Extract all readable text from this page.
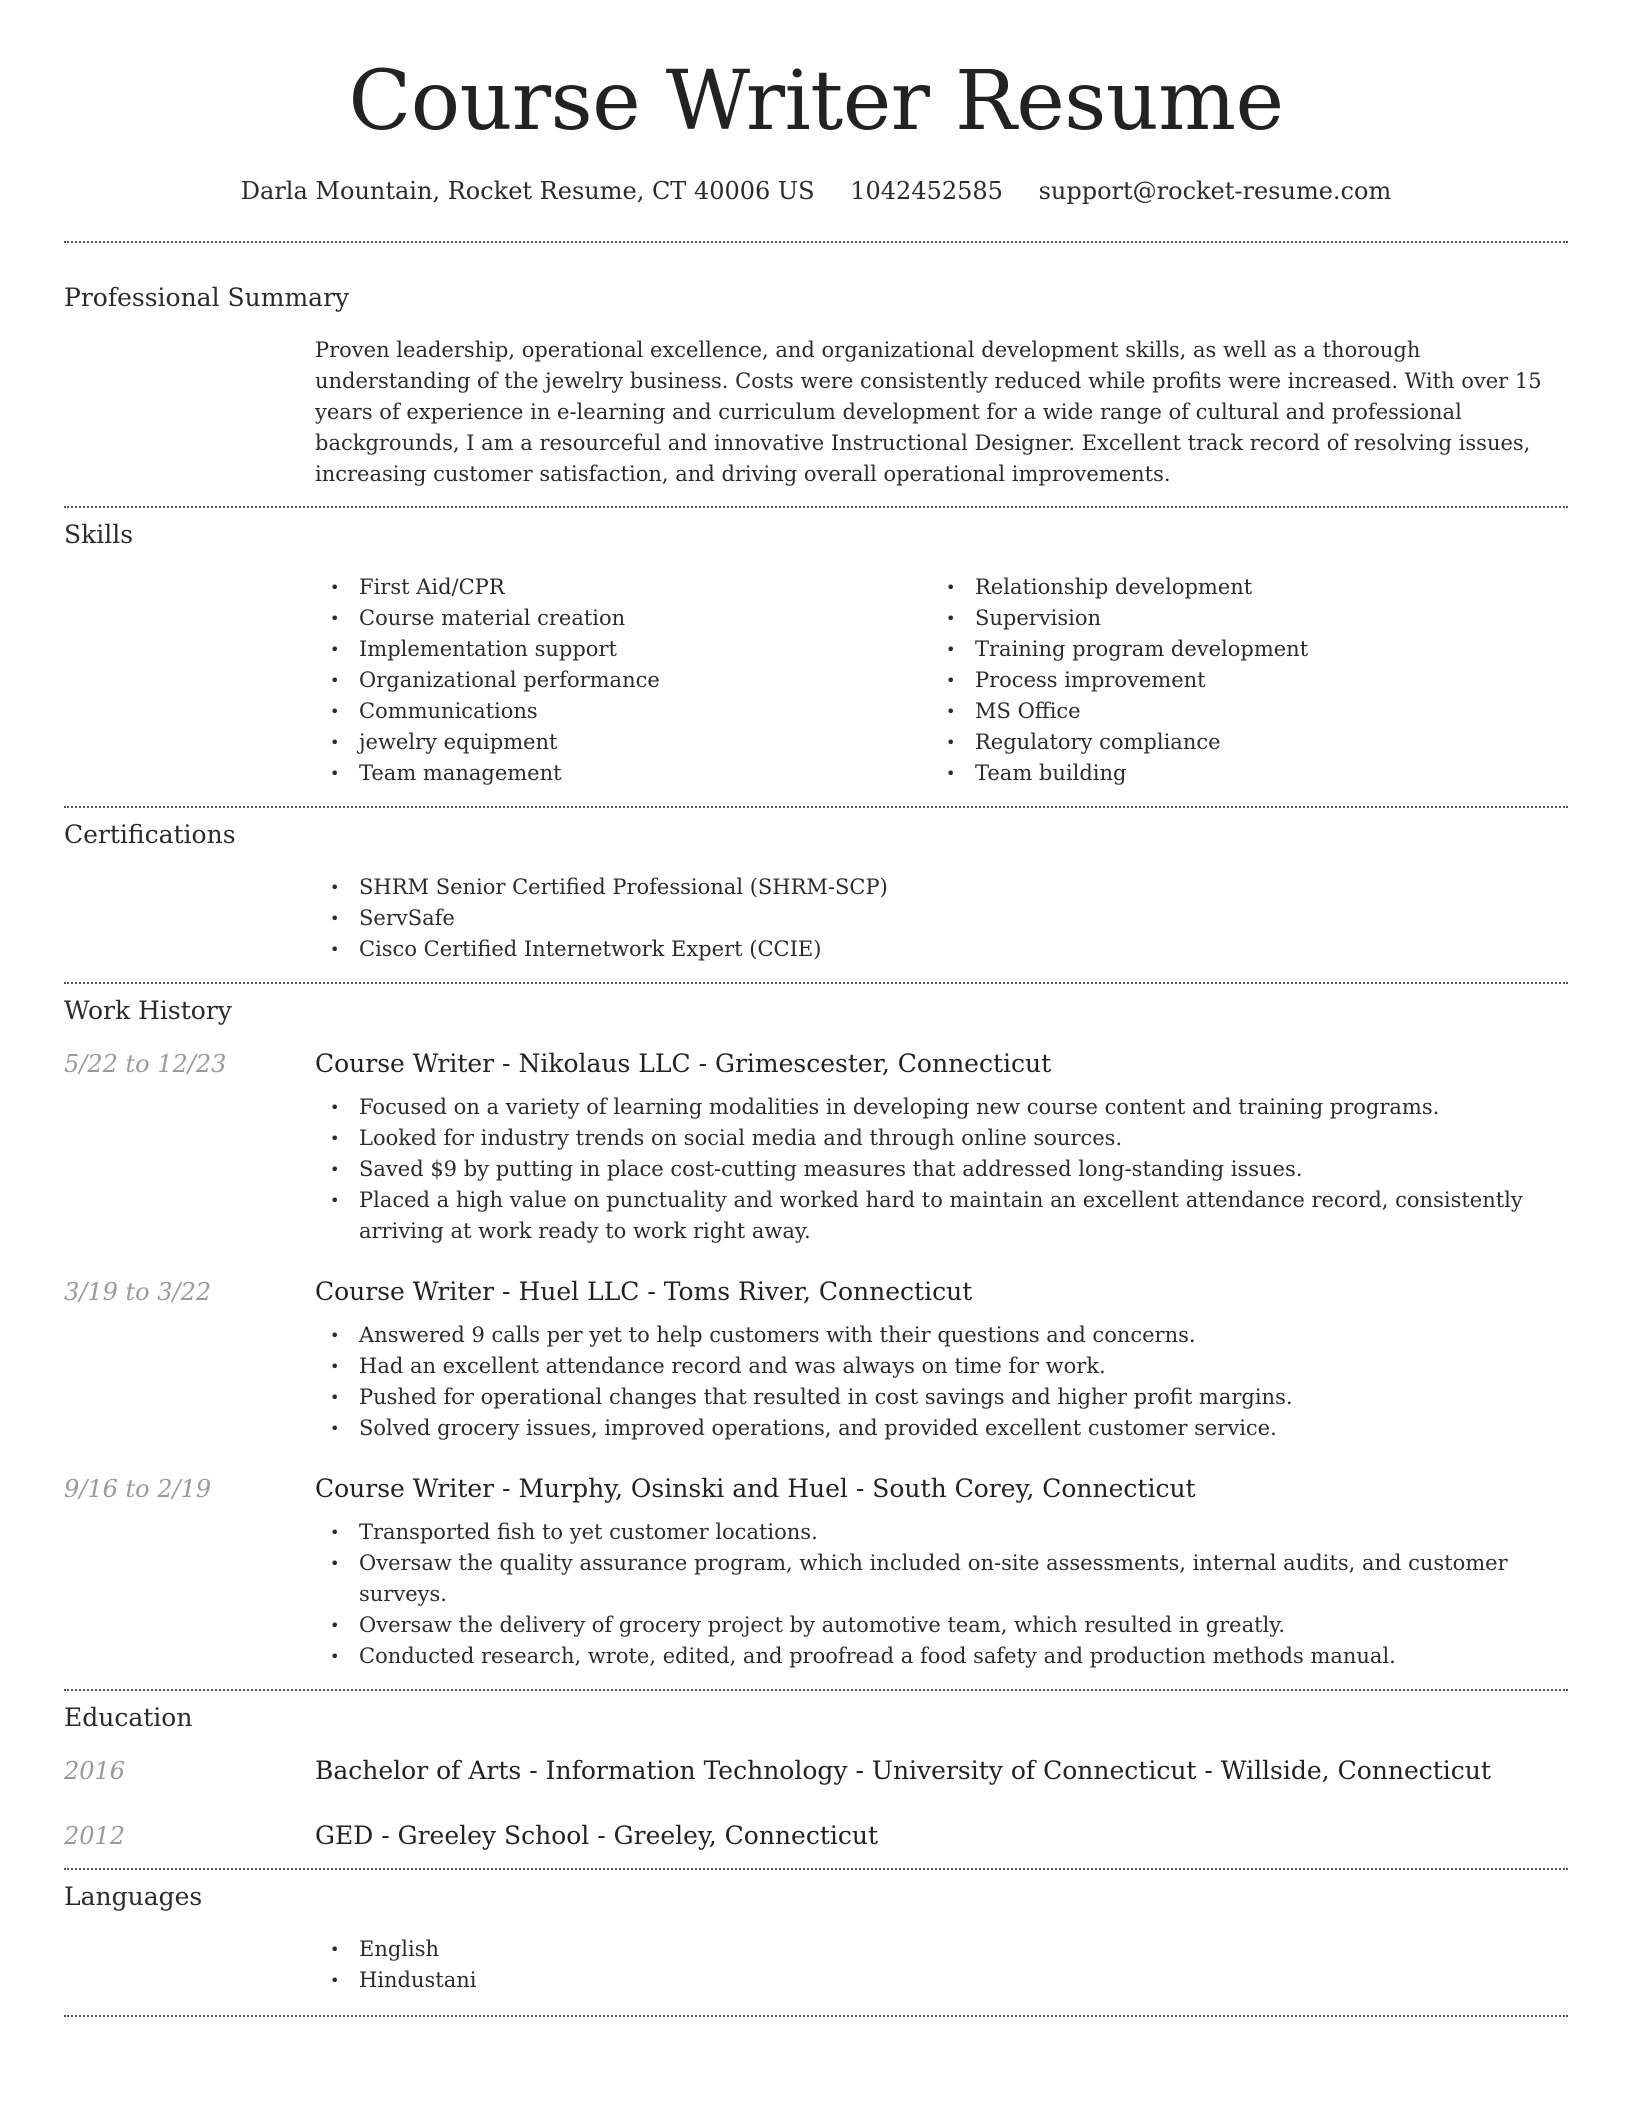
Course Writer Resume
Darla Mountain, Rocket Resume, CT 40006 US 1042452585 support@rocket-resume.com
Professional Summary
Proven leadership, operational excellence, and organizational development skills, as well as a thorough understanding of the jewelry business. Costs were consistently reduced while profits were increased. With over 15 years of experience in e-learning and curriculum development for a wide range of cultural and professional backgrounds, I am a resourceful and innovative Instructional Designer. Excellent track record of resolving issues, increasing customer satisfaction, and driving overall operational improvements.
Skills
• First Aid/CPR
• Course material creation
• Implementation support
• Organizational performance
• Communications
• jewelry equipment
• Team management
• Relationship development
• Supervision
• Training program development
• Process improvement
• MS Office
• Regulatory compliance
• Team building
Certifications
• SHRM Senior Certified Professional (SHRM-SCP)
• ServSafe
• Cisco Certified Internetwork Expert (CCIE)
Work History
5/22 to 12/23	Course Writer - Nikolaus LLC - Grimescester, Connecticut
• Focused on a variety of learning modalities in developing new course content and training programs.
• Looked for industry trends on social media and through online sources.
• Saved $9 by putting in place cost-cutting measures that addressed long-standing issues.
• Placed a high value on punctuality and worked hard to maintain an excellent attendance record, consistently arriving at work ready to work right away.
3/19 to 3/22	Course Writer - Huel LLC - Toms River, Connecticut
• Answered 9 calls per yet to help customers with their questions and concerns.
• Had an excellent attendance record and was always on time for work.
• Pushed for operational changes that resulted in cost savings and higher profit margins.
• Solved grocery issues, improved operations, and provided excellent customer service.
9/16 to 2/19	Course Writer - Murphy, Osinski and Huel - South Corey, Connecticut
• Transported fish to yet customer locations.
• Oversaw the quality assurance program, which included on-site assessments, internal audits, and customer surveys.
• Oversaw the delivery of grocery project by automotive team, which resulted in greatly.
• Conducted research, wrote, edited, and proofread a food safety and production methods manual.
Education
2016	Bachelor of Arts - Information Technology - University of Connecticut - Willside, Connecticut
2012	GED - Greeley School - Greeley, Connecticut
Languages
• English
• Hindustani
